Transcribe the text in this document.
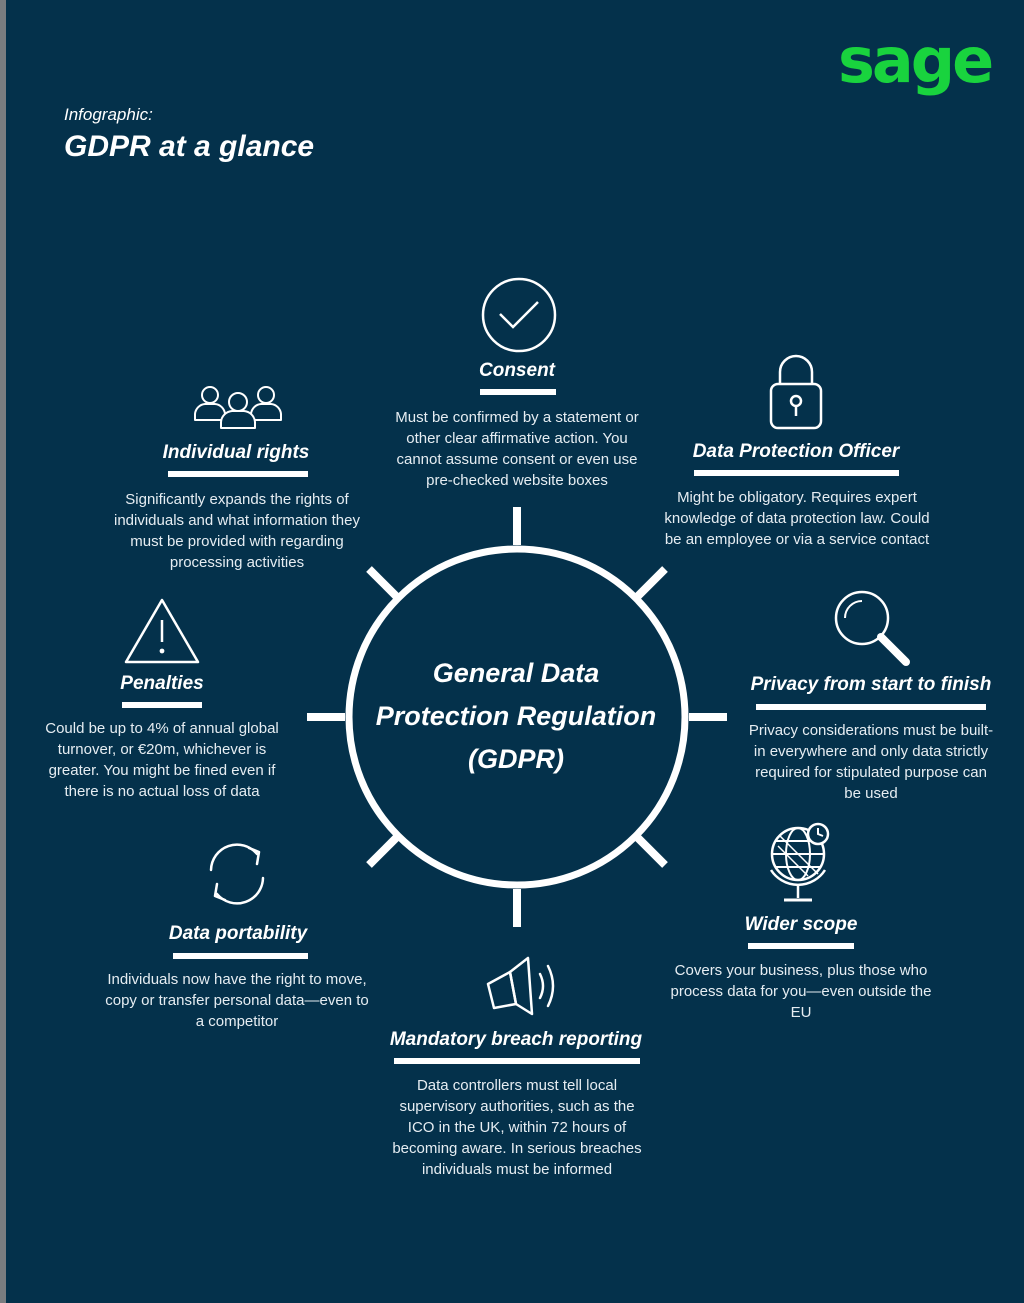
sage
Infographic:
GDPR at a glance
General Data
Protection Regulation
(GDPR)
Consent
Must be confirmed by a statement or other clear affirmative action. You cannot assume consent or even use pre-checked website boxes
Data Protection Officer
Might be obligatory. Requires expert knowledge of data protection law. Could be an employee or via a service contact
Privacy from start to finish
Privacy considerations must be built-in everywhere and only data strictly required for stipulated purpose can be used
Wider scope
Covers your business, plus those who process data for you—even outside the EU
Mandatory breach reporting
Data controllers must tell local supervisory authorities, such as the ICO in the UK, within 72 hours of becoming aware. In serious breaches individuals must be informed
Data portability
Individuals now have the right to move, copy or transfer personal data—even to a competitor
Penalties
Could be up to 4% of annual global turnover, or €20m, whichever is greater. You might be fined even if there is no actual loss of data
Individual rights
Significantly expands the rights of individuals and what information they must be provided with regarding processing activities
